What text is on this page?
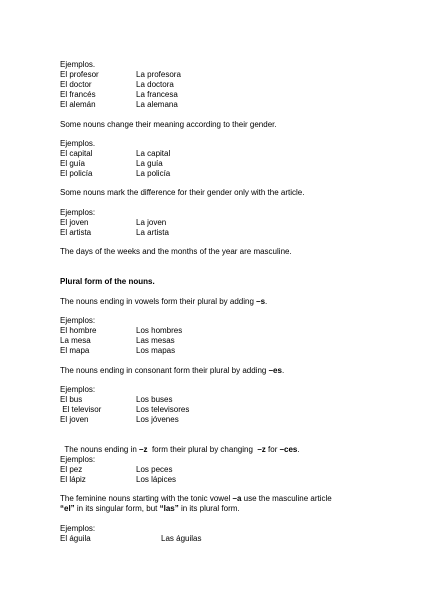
Ejemplos.
El profesor	La profesora
El doctor	La doctora
El francés	La francesa
El alemán	La alemana
Some nouns change their meaning according to their gender.
Ejemplos.
El capital	La capital
El guía	La guía
El policía	La policía
Some nouns mark the difference for their gender only with the article.
Ejemplos:
El joven	La joven
El artista	La artista
The days of the weeks and the months of the year are masculine.
Plural form of the nouns.
The nouns ending in vowels form their plural by adding –s.
Ejemplos:
El hombre	Los hombres
La mesa	Las mesas
El mapa	Los mapas
The nouns ending in consonant form their plural by adding –es.
Ejemplos:
El bus	Los buses
El televisor	Los televisores
El joven	Los jóvenes

The nouns ending in –z  form their plural by changing  –z for –ces.

Ejemplos:
El pez	Los peces
El lápiz	Los lápices
The feminine nouns starting with the tonic vowel –a use the masculine article
“el” in its singular form, but “las” in its plural form.
Ejemplos:
El águila	Las águilas
